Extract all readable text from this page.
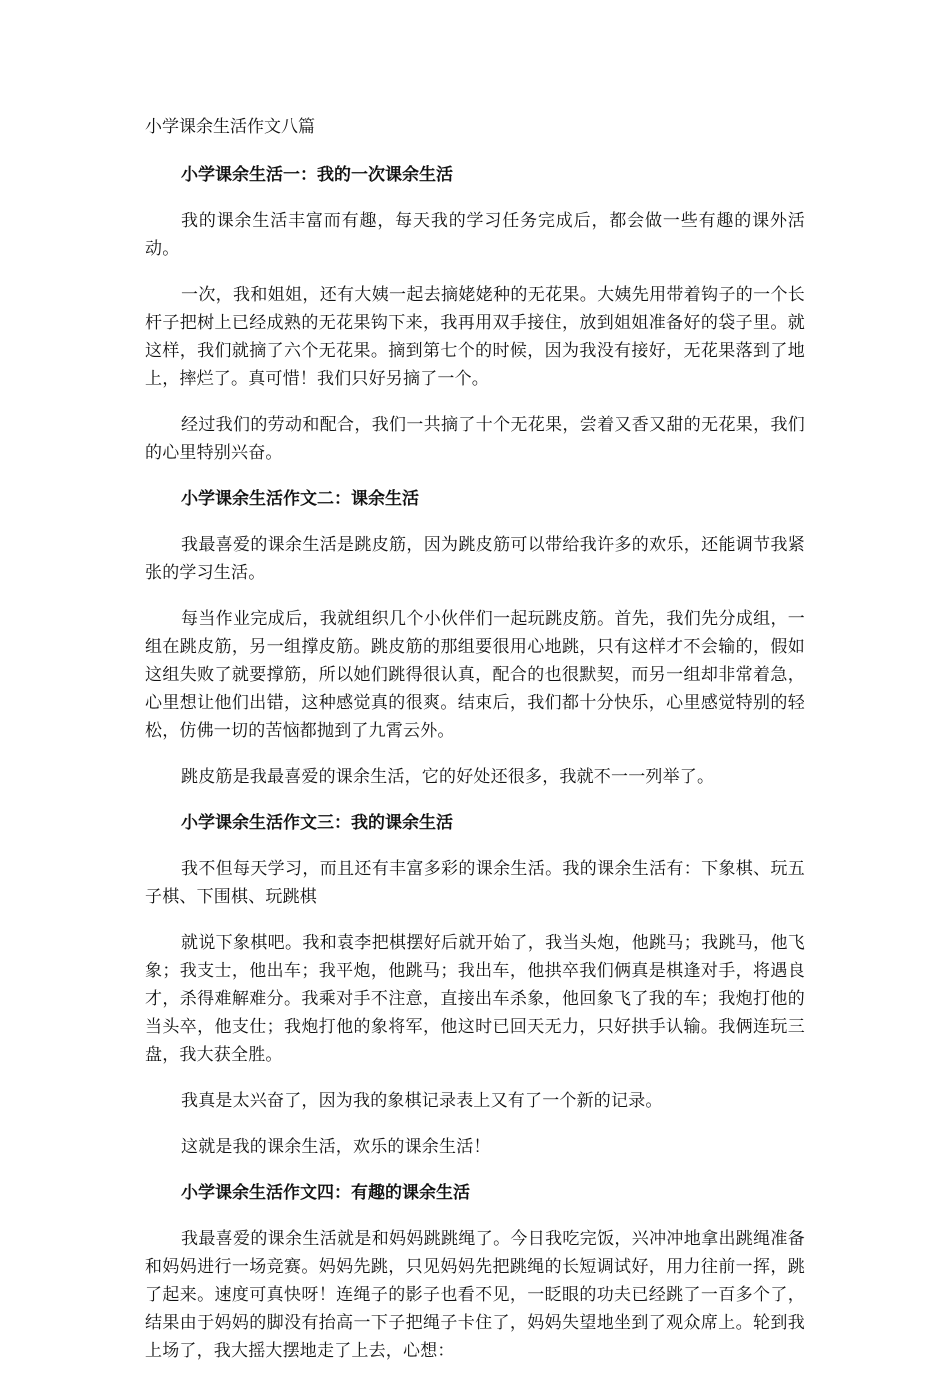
小学课余生活作文八篇
小学课余生活一：我的一次课余生活

我的课余生活丰富而有趣，每天我的学习任务完成后，都会做一些有趣的课外活动。

一次，我和姐姐，还有大姨一起去摘姥姥种的无花果。大姨先用带着钩子的一个长杆子把树上已经成熟的无花果钩下来，我再用双手接住，放到姐姐准备好的袋子里。就这样，我们就摘了六个无花果。摘到第七个的时候，因为我没有接好，无花果落到了地上，摔烂了。真可惜！我们只好另摘了一个。

经过我们的劳动和配合，我们一共摘了十个无花果，尝着又香又甜的无花果，我们的心里特别兴奋。

小学课余生活作文二：课余生活

我最喜爱的课余生活是跳皮筋，因为跳皮筋可以带给我许多的欢乐，还能调节我紧张的学习生活。

每当作业完成后，我就组织几个小伙伴们一起玩跳皮筋。首先，我们先分成组，一组在跳皮筋，另一组撑皮筋。跳皮筋的那组要很用心地跳，只有这样才不会输的，假如这组失败了就要撑筋，所以她们跳得很认真，配合的也很默契，而另一组却非常着急，心里想让他们出错，这种感觉真的很爽。结束后，我们都十分快乐，心里感觉特别的轻松，仿佛一切的苦恼都抛到了九霄云外。

跳皮筋是我最喜爱的课余生活，它的好处还很多，我就不一一列举了。

小学课余生活作文三：我的课余生活

我不但每天学习，而且还有丰富多彩的课余生活。我的课余生活有：下象棋、玩五子棋、下围棋、玩跳棋

就说下象棋吧。我和袁李把棋摆好后就开始了，我当头炮，他跳马；我跳马，他飞象；我支士，他出车；我平炮，他跳马；我出车，他拱卒我们俩真是棋逢对手，将遇良才，杀得难解难分。我乘对手不注意，直接出车杀象，他回象飞了我的车；我炮打他的当头卒，他支仕；我炮打他的象将军，他这时已回天无力，只好拱手认输。我俩连玩三盘，我大获全胜。

我真是太兴奋了，因为我的象棋记录表上又有了一个新的记录。

这就是我的课余生活，欢乐的课余生活！

小学课余生活作文四：有趣的课余生活

我最喜爱的课余生活就是和妈妈跳跳绳了。今日我吃完饭，兴冲冲地拿出跳绳准备和妈妈进行一场竞赛。妈妈先跳，只见妈妈先把跳绳的长短调试好，用力往前一挥，跳了起来。速度可真快呀！连绳子的影子也看不见，一眨眼的功夫已经跳了一百多个了，结果由于妈妈的脚没有抬高一下子把绳子卡住了，妈妈失望地坐到了观众席上。轮到我上场了，我大摇大摆地走了上去，心想：
